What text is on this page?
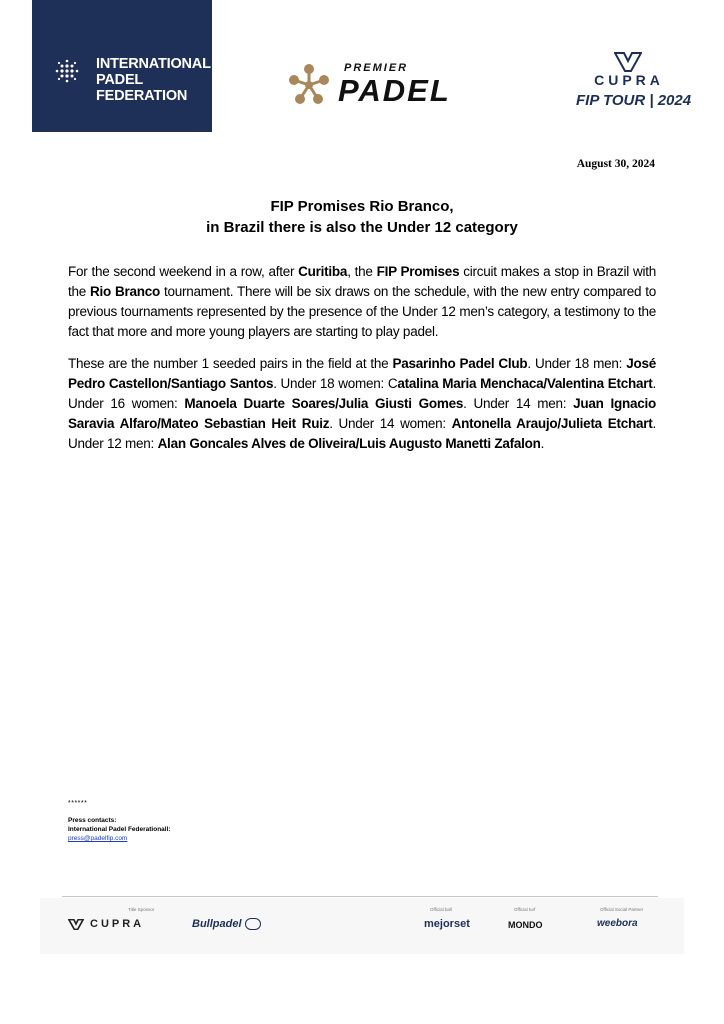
INTERNATIONAL
PADEL
FEDERATION
PREMIER
PADEL	CUPRA
FIP TOUR | 2024
August 30, 2024
FIP Promises Rio Branco,
in Brazil there is also the Under 12 category
For the second weekend in a row, after Curitiba, the FIP Promises circuit makes a stop in Brazil with the Rio Branco tournament. There will be six draws on the schedule, with the new entry compared to previous tournaments represented by the presence of the Under 12 men’s category, a testimony to the fact that more and more young players are starting to play padel.
These are the number 1 seeded pairs in the field at the Pasarinho Padel Club. Under 18 men: José Pedro Castellon/Santiago Santos. Under 18 women: Catalina Maria Menchaca/Valentina Etchart. Under 16 women: Manoela Duarte Soares/Julia Giusti Gomes. Under 14 men: Juan Ignacio Saravia Alfaro/Mateo Sebastian Heit Ruiz. Under 14 women: Antonella Araujo/Julieta Etchart. Under 12 men: Alan Goncales Alves de Oliveira/Luis Augusto Manetti Zafalon.
******
Press contacts:
International Padel Federationall:
press@padelfip.com
Title Sponsor	Official ball	Official turf	Official Social Partner
CUPRA	Bullpadel	mejorset	MONDO	weebora
